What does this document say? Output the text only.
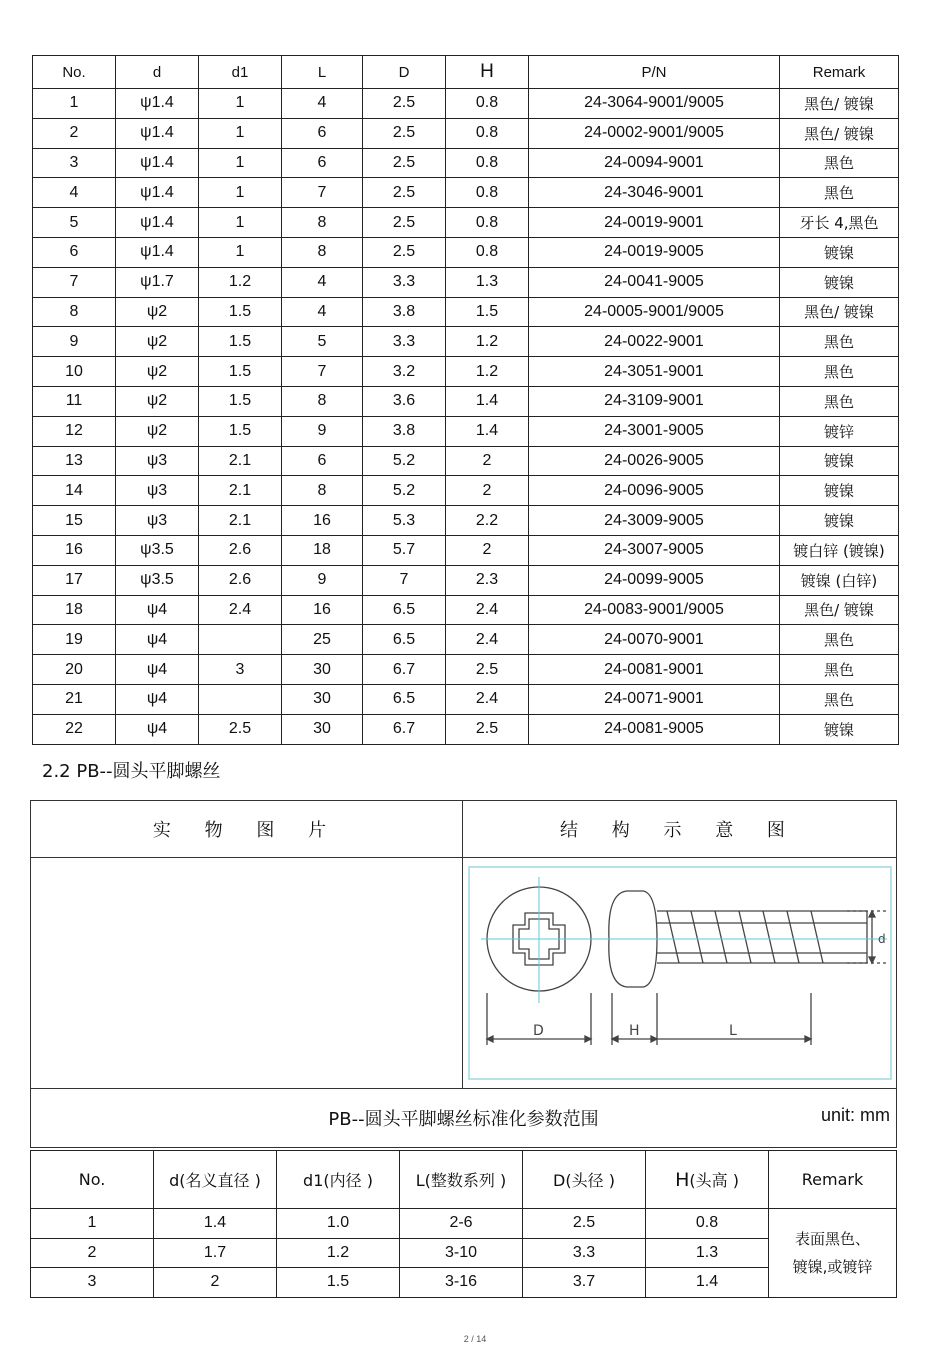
No.	d	d1	L	D	H	P/N	Remark
1	ψ1.4	1	4	2.5	0.8	24-3064-9001/9005	黑色/ 镀镍
2	ψ1.4	1	6	2.5	0.8	24-0002-9001/9005	黑色/ 镀镍
3	ψ1.4	1	6	2.5	0.8	24-0094-9001	黑色
4	ψ1.4	1	7	2.5	0.8	24-3046-9001	黑色
5	ψ1.4	1	8	2.5	0.8	24-0019-9001	牙长 4,黑色
6	ψ1.4	1	8	2.5	0.8	24-0019-9005	镀镍
7	ψ1.7	1.2	4	3.3	1.3	24-0041-9005	镀镍
8	ψ2	1.5	4	3.8	1.5	24-0005-9001/9005	黑色/ 镀镍
9	ψ2	1.5	5	3.3	1.2	24-0022-9001	黑色
10	ψ2	1.5	7	3.2	1.2	24-3051-9001	黑色
11	ψ2	1.5	8	3.6	1.4	24-3109-9001	黑色
12	ψ2	1.5	9	3.8	1.4	24-3001-9005	镀锌
13	ψ3	2.1	6	5.2	2	24-0026-9005	镀镍
14	ψ3	2.1	8	5.2	2	24-0096-9005	镀镍
15	ψ3	2.1	16	5.3	2.2	24-3009-9005	镀镍
16	ψ3.5	2.6	18	5.7	2	24-3007-9005	镀白锌 (镀镍)
17	ψ3.5	2.6	9	7	2.3	24-0099-9005	镀镍 (白锌)
18	ψ4	2.4	16	6.5	2.4	24-0083-9001/9005	黑色/ 镀镍
19	ψ4		25	6.5	2.4	24-0070-9001	黑色
20	ψ4	3	30	6.7	2.5	24-0081-9001	黑色
21	ψ4		30	6.5	2.4	24-0071-9001	黑色
22	ψ4	2.5	30	6.7	2.5	24-0081-9005	镀镍
2.2 PB--圆头平脚螺丝
实 物 图 片	结 构 示 意 图

D H L
d

PB--圆头平脚螺丝标准化参数范围 unit: mm	
No.	d(名义直径 )	d1(内径 )	L(整数系列 )	D(头径 )	H(头高 )	Remark
1	1.4	1.0	2-6	2.5	0.8	表面黑色、
镀镍,或镀锌

2	1.7	1.2	3-10	3.3	1.3	
3	2	1.5	3-16	3.7	1.4	
2 / 14
